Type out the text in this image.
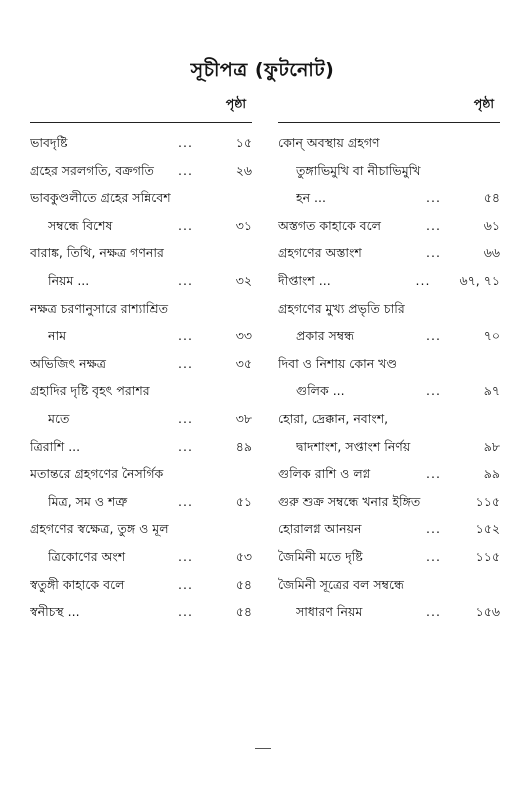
সূচীপত্র (ফুটনোট)
পৃষ্ঠা
ভাবদৃষ্টি	...	১৫
গ্রহের সরলগতি, বক্রগতি	...	২৬
ভাবকুণ্ডলীতে গ্রহের সন্নিবেশ
সম্বন্ধে বিশেষ	...	৩১
বারাঙ্ক, তিথি, নক্ষত্র গণনার
নিয়ম ...	...	৩২
নক্ষত্র চরণানুসারে রাশ্যাশ্রিত
নাম	...	৩৩
অভিজিৎ নক্ষত্র	...	৩৫
গ্রহাদির দৃষ্টি বৃহৎ পরাশর
মতে	...	৩৮
ত্রিরাশি ...	...	৪৯
মতান্তরে গ্রহগণের নৈসর্গিক
মিত্র, সম ও শত্রু	...	৫১
গ্রহগণের স্বক্ষেত্র, তুঙ্গ ও মূল
ত্রিকোণের অংশ	...	৫৩
স্বতুঙ্গী কাহাকে বলে	...	৫৪
স্বনীচস্থ ...	...	৫৪
পৃষ্ঠা
কোন্ অবস্থায় গ্রহগণ
তুঙ্গাভিমুখি বা নীচাভিমুখি
হন ...	...	৫৪
অস্তগত কাহাকে বলে	...	৬১
গ্রহগণের অস্তাংশ	...	৬৬
দীপ্তাংশ ...	...	৬৭, ৭১
গ্রহগণের মুখ্য প্রভৃতি চারি
প্রকার সম্বন্ধ	...	৭০
দিবা ও নিশায় কোন খণ্ড
গুলিক ...	...	৯৭
হোরা, দ্রেক্কান, নবাংশ,
দ্বাদশাংশ, সপ্তাংশ নির্ণয়	৯৮
গুলিক রাশি ও লগ্ন	...	৯৯
গুরু শুক্র সম্বন্ধে খনার ইঙ্গিত	১১৫
হোরালগ্ন আনয়ন	...	১৫২
জৈমিনী মতে দৃষ্টি	...	১১৫
জৈমিনী সূত্রের বল সম্বন্ধে
সাধারণ নিয়ম	...	১৫৬
